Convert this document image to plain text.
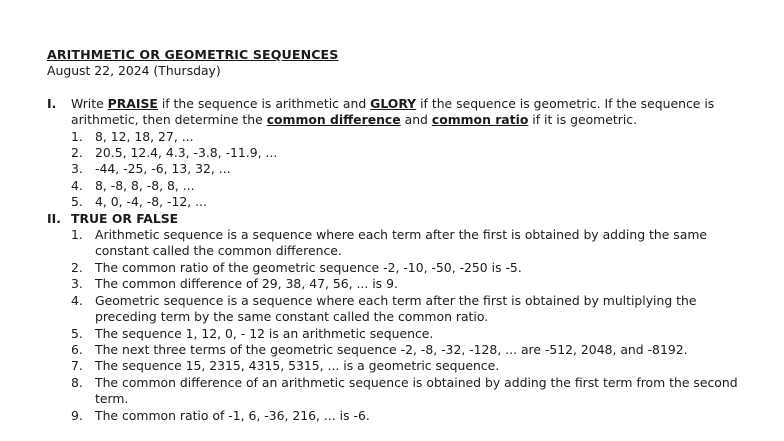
ARITHMETIC OR GEOMETRIC SEQUENCES
August 22, 2024 (Thursday)
I. Write PRAISE if the sequence is arithmetic and GLORY if the sequence is geometric. If the sequence is arithmetic, then determine the common difference and common ratio if it is geometric.
1. 8, 12, 18, 27, ...
2. 20.5, 12.4, 4.3, -3.8, -11.9, ...
3. -44, -25, -6, 13, 32, ...
4. 8, -8, 8, -8, 8, ...
5. 4, 0, -4, -8, -12, ...
II. TRUE OR FALSE
1. Arithmetic sequence is a sequence where each term after the first is obtained by adding the same constant called the common difference.
2. The common ratio of the geometric sequence -2, -10, -50, -250 is -5.
3. The common difference of 29, 38, 47, 56, ... is 9.
4. Geometric sequence is a sequence where each term after the first is obtained by multiplying the preceding term by the same constant called the common ratio.
5. The sequence 1, 12, 0, - 12 is an arithmetic sequence.
6. The next three terms of the geometric sequence -2, -8, -32, -128, ... are -512, 2048, and -8192.
7. The sequence 15, 2315, 4315, 5315, ... is a geometric sequence.
8. The common difference of an arithmetic sequence is obtained by adding the first term from the second term.
9. The common ratio of -1, 6, -36, 216, ... is -6.
